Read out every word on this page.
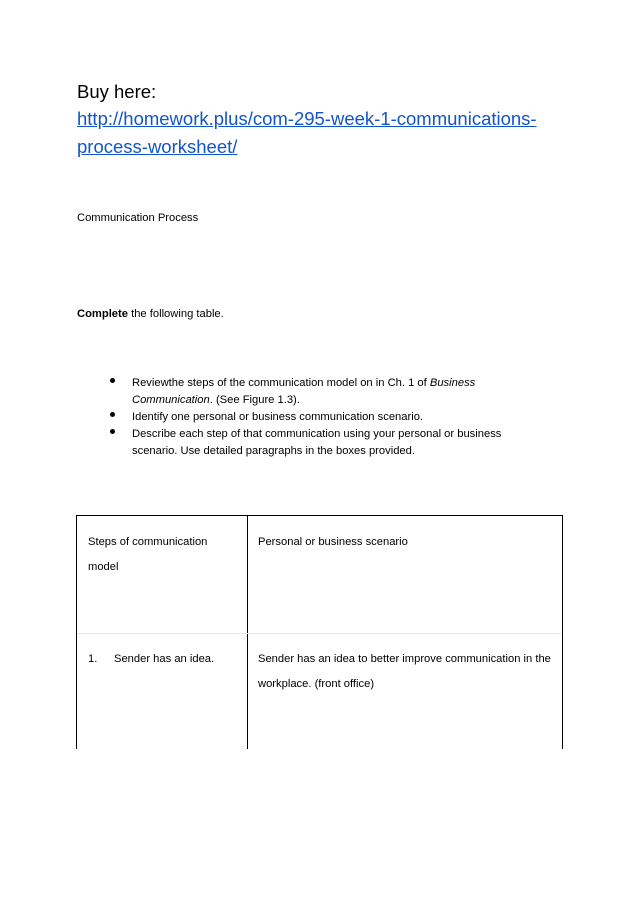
Buy here:
http://homework.plus/com-295-week-1-communications-process-worksheet/
Communication Process
Complete the following table.
Reviewthe steps of the communication model on in Ch. 1 of Business Communication. (See Figure 1.3).
Identify one personal or business communication scenario.
Describe each step of that communication using your personal or business scenario. Use detailed paragraphs in the boxes provided.
Steps of communication model
Personal or business scenario
1. Sender has an idea.	Sender has an idea to better improve communication in the workplace. (front office)
